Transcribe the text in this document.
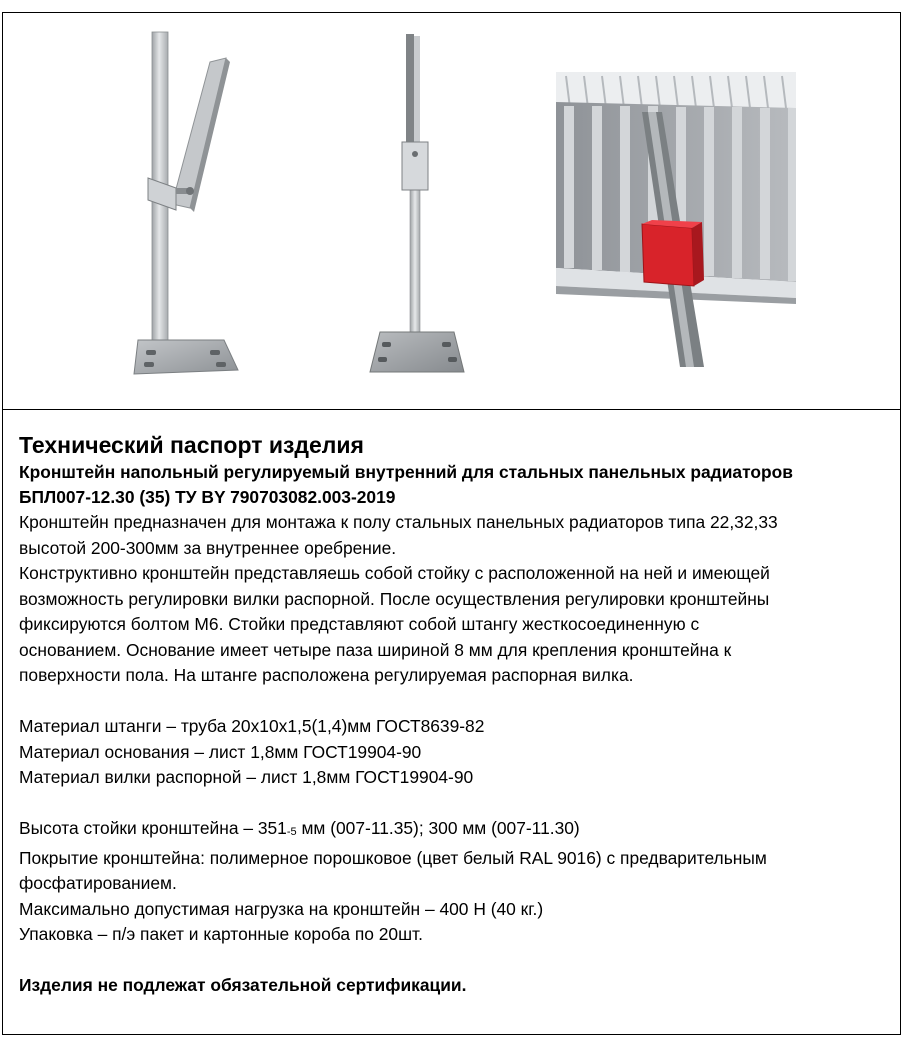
Технический паспорт изделия
Кронштейн напольный регулируемый внутренний для стальных панельных радиаторов
БПЛ007-12.30 (35) ТУ BY 790703082.003-2019
Кронштейн предназначен для монтажа к полу стальных панельных радиаторов типа 22,32,33
высотой 200-300мм за внутреннее оребрение.
Конструктивно кронштейн представляешь собой стойку с расположенной на ней и имеющей
возможность регулировки вилки распорной. После осуществления регулировки кронштейны
фиксируются болтом М6. Стойки представляют собой штангу жесткосоединенную с
основанием. Основание имеет четыре паза шириной 8 мм для крепления кронштейна к
поверхности пола. На штанге расположена регулируемая распорная вилка.
Материал штанги – труба 20х10х1,5(1,4)мм ГОСТ8639-82
Материал основания – лист 1,8мм ГОСТ19904-90
Материал вилки распорной – лист 1,8мм ГОСТ19904-90
Высота стойки кронштейна – $351_{-5}$ мм (007-11.35); 300 мм (007-11.30)
Покрытие кронштейна: полимерное порошковое (цвет белый RAL 9016) с предварительным
фосфатированием.
Максимально допустимая нагрузка на кронштейн – 400 Н (40 кг.)
Упаковка – п/э пакет и картонные короба по 20шт.
Изделия не подлежат обязательной сертификации.
